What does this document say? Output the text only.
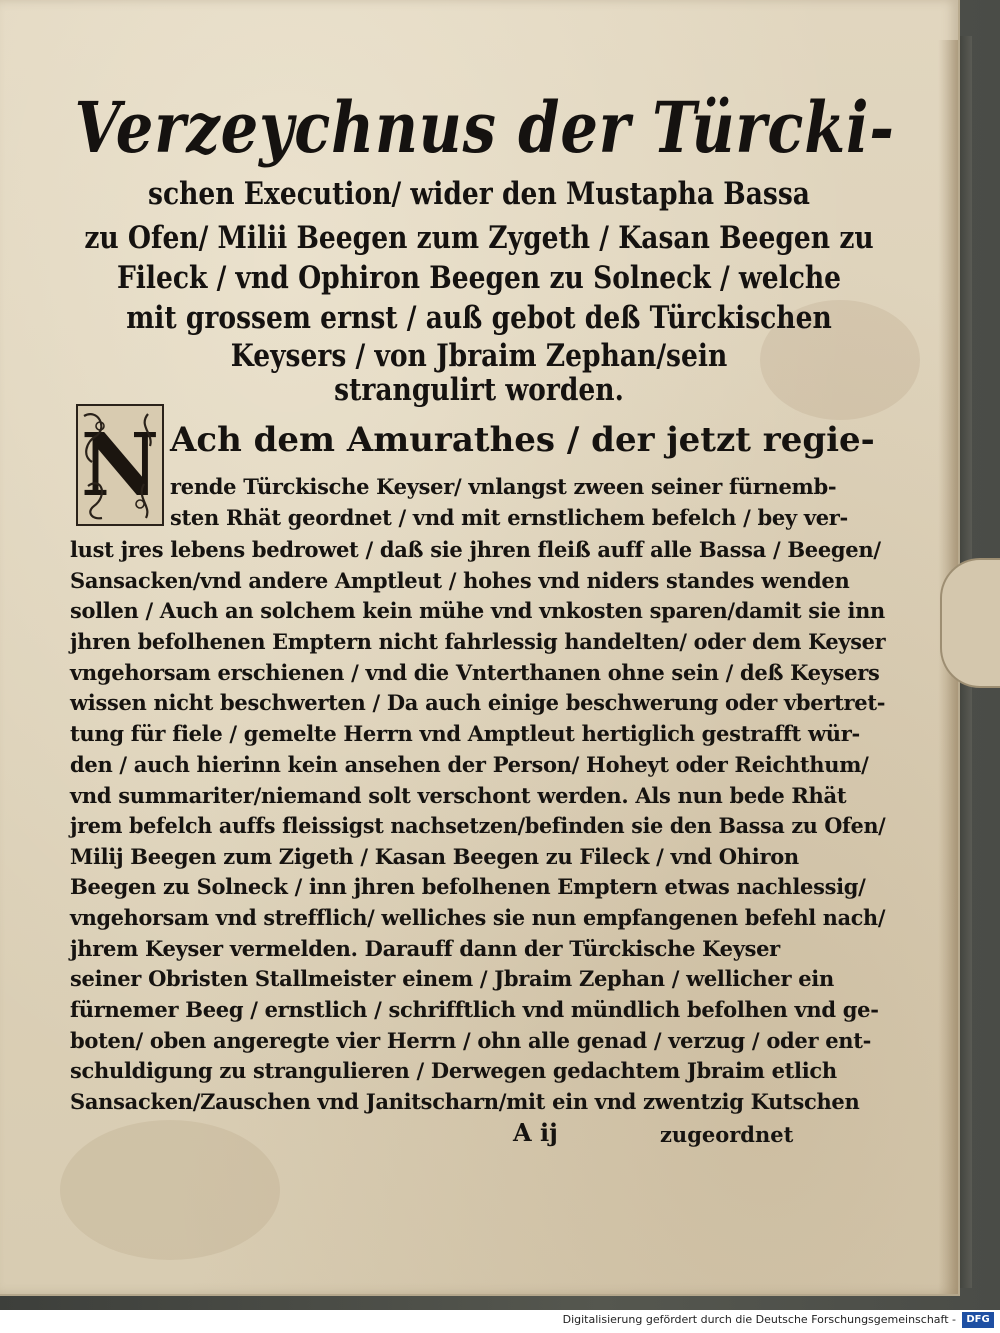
Verzeychnus der Türcki-
schen Execution/ wider den Mustapha Bassa
zu Ofen/ Milii Beegen zum Zygeth / Kasan Beegen zu
Fileck / vnd Ophiron Beegen zu Solneck / welche
mit grossem ernst / auß gebot deß Türckischen
Keysers / von Jbraim Zephan/sein
strangulirt worden.
N Ach dem Amurathes / der jetzt regie-
rende Türckische Keyser/ vnlangst zween seiner fürnemb-
sten Rhät geordnet / vnd mit ernstlichem befelch / bey ver-
lust jres lebens bedrowet / daß sie jhren fleiß auff alle Bassa / Beegen/
Sansacken/vnd andere Amptleut / hohes vnd niders standes wenden
sollen / Auch an solchem kein mühe vnd vnkosten sparen/damit sie inn
jhren befolhenen Emptern nicht fahrlessig handelten/ oder dem Keyser
vngehorsam erschienen / vnd die Vnterthanen ohne sein / deß Keysers
wissen nicht beschwerten / Da auch einige beschwerung oder vbertret-
tung für fiele / gemelte Herrn vnd Amptleut hertiglich gestrafft wür-
den / auch hierinn kein ansehen der Person/ Hoheyt oder Reichthum/
vnd summariter/niemand solt verschont werden. Als nun bede Rhät
jrem befelch auffs fleissigst nachsetzen/befinden sie den Bassa zu Ofen/
Milij Beegen zum Zigeth / Kasan Beegen zu Fileck / vnd Ohiron
Beegen zu Solneck / inn jhren befolhenen Emptern etwas nachlessig/
vngehorsam vnd strefflich/ welliches sie nun empfangenen befehl nach/
jhrem Keyser vermelden. Darauff dann der Türckische Keyser
seiner Obristen Stallmeister einem / Jbraim Zephan / wellicher ein
fürnemer Beeg / ernstlich / schrifftlich vnd mündlich befolhen vnd ge-
boten/ oben angeregte vier Herrn / ohn alle genad / verzug / oder ent-
schuldigung zu strangulieren / Derwegen gedachtem Jbraim etlich
Sansacken/Zauschen vnd Janitscharn/mit ein vnd zwentzig Kutschen
A ij	zugeordnet
Digitalisierung gefördert durch die Deutsche Forschungsgemeinschaft -	DFG
